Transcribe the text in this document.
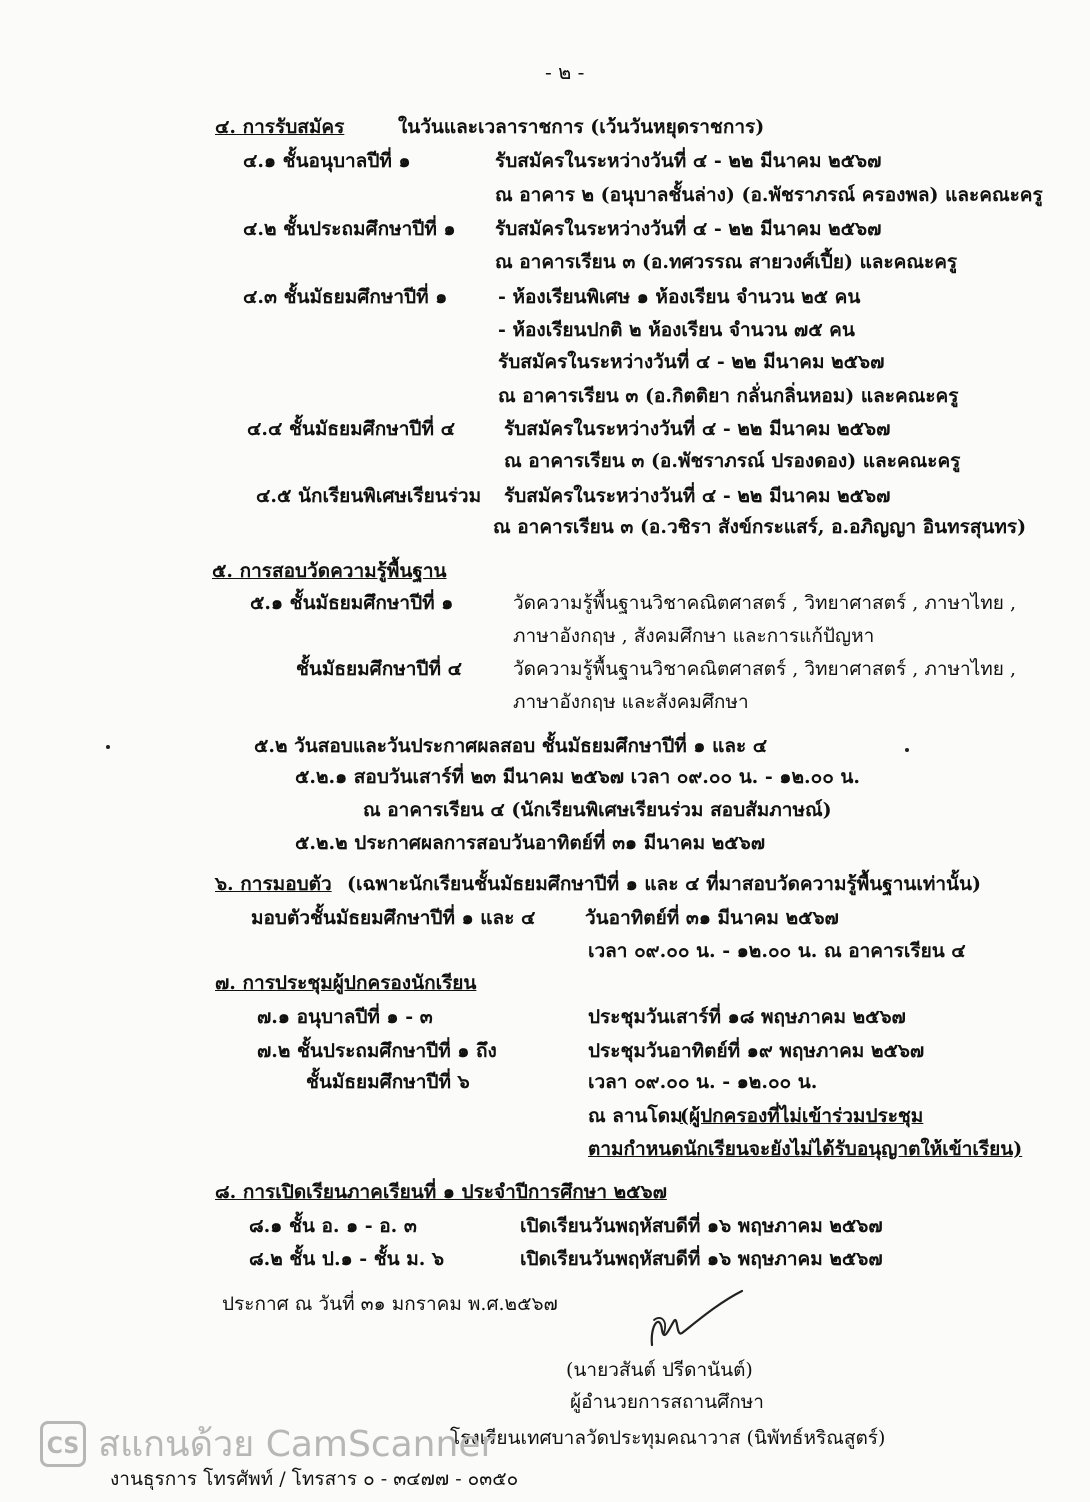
- ๒ -
๔. การรับสมัคร	ในวันและเวลาราชการ (เว้นวันหยุดราชการ)
๔.๑ ชั้นอนุบาลปีที่ ๑	รับสมัครในระหว่างวันที่ ๔ - ๒๒ มีนาคม ๒๕๖๗
ณ อาคาร ๒ (อนุบาลชั้นล่าง) (อ.พัชราภรณ์ ครองพล) และคณะครู
๔.๒ ชั้นประถมศึกษาปีที่ ๑ รับสมัครในระหว่างวันที่ ๔ - ๒๒ มีนาคม ๒๕๖๗
ณ อาคารเรียน ๓ (อ.ทศวรรณ สายวงศ์เปี้ย) และคณะครู
๔.๓ ชั้นมัธยมศึกษาปีที่ ๑	- ห้องเรียนพิเศษ ๑ ห้องเรียน จำนวน ๒๕ คน
- ห้องเรียนปกติ ๒ ห้องเรียน จำนวน ๗๕ คน
รับสมัครในระหว่างวันที่ ๔ - ๒๒ มีนาคม ๒๕๖๗
ณ อาคารเรียน ๓ (อ.กิตติยา กลั่นกลิ่นหอม) และคณะครู
๔.๔ ชั้นมัธยมศึกษาปีที่ ๔	รับสมัครในระหว่างวันที่ ๔ - ๒๒ มีนาคม ๒๕๖๗
ณ อาคารเรียน ๓ (อ.พัชราภรณ์ ปรองดอง) และคณะครู
๔.๕ นักเรียนพิเศษเรียนร่วม รับสมัครในระหว่างวันที่ ๔ - ๒๒ มีนาคม ๒๕๖๗
ณ อาคารเรียน ๓ (อ.วชิรา สังข์กระแสร์, อ.อภิญญา อินทรสุนทร)
๕. การสอบวัดความรู้พื้นฐาน
๕.๑ ชั้นมัธยมศึกษาปีที่ ๑	วัดความรู้พื้นฐานวิชาคณิตศาสตร์ , วิทยาศาสตร์ , ภาษาไทย ,
ภาษาอังกฤษ , สังคมศึกษา และการแก้ปัญหา
ชั้นมัธยมศึกษาปีที่ ๔	วัดความรู้พื้นฐานวิชาคณิตศาสตร์ , วิทยาศาสตร์ , ภาษาไทย ,
ภาษาอังกฤษ และสังคมศึกษา
๕.๒ วันสอบและวันประกาศผลสอบ ชั้นมัธยมศึกษาปีที่ ๑ และ ๔
๕.๒.๑ สอบวันเสาร์ที่ ๒๓ มีนาคม ๒๕๖๗ เวลา ๐๙.๐๐ น. - ๑๒.๐๐ น.
ณ อาคารเรียน ๔ (นักเรียนพิเศษเรียนร่วม สอบสัมภาษณ์)
๕.๒.๒ ประกาศผลการสอบวันอาทิตย์ที่ ๓๑ มีนาคม ๒๕๖๗
๖. การมอบตัว (เฉพาะนักเรียนชั้นมัธยมศึกษาปีที่ ๑ และ ๔ ที่มาสอบวัดความรู้พื้นฐานเท่านั้น)
มอบตัวชั้นมัธยมศึกษาปีที่ ๑ และ ๔	วันอาทิตย์ที่ ๓๑ มีนาคม ๒๕๖๗
เวลา ๐๙.๐๐ น. - ๑๒.๐๐ น. ณ อาคารเรียน ๔
๗. การประชุมผู้ปกครองนักเรียน
๗.๑ อนุบาลปีที่ ๑ - ๓	ประชุมวันเสาร์ที่ ๑๘ พฤษภาคม ๒๕๖๗
๗.๒ ชั้นประถมศึกษาปีที่ ๑ ถึง	ประชุมวันอาทิตย์ที่ ๑๙ พฤษภาคม ๒๕๖๗
ชั้นมัธยมศึกษาปีที่ ๖	เวลา ๐๙.๐๐ น. - ๑๒.๐๐ น.
ณ ลานโดม
(ผู้ปกครองที่ไม่เข้าร่วมประชุม
ตามกำหนดนักเรียนจะยังไม่ได้รับอนุญาตให้เข้าเรียน)
๘. การเปิดเรียนภาคเรียนที่ ๑ ประจำปีการศึกษา ๒๕๖๗
๘.๑ ชั้น อ. ๑ - อ. ๓	เปิดเรียนวันพฤหัสบดีที่ ๑๖ พฤษภาคม ๒๕๖๗
๘.๒ ชั้น ป.๑ - ชั้น ม. ๖	เปิดเรียนวันพฤหัสบดีที่ ๑๖ พฤษภาคม ๒๕๖๗
ประกาศ ณ วันที่ ๓๑ มกราคม พ.ศ.๒๕๖๗
(นายวสันต์ ปรีดานันต์)
ผู้อำนวยการสถานศึกษา
โรงเรียนเทศบาลวัดประทุมคณาวาส (นิพัทธ์หริณสูตร์)
CS สแกนด้วย CamScanner
งานธุรการ โทรศัพท์ / โทรสาร ๐ - ๓๔๗๗ - ๐๓๕๐
